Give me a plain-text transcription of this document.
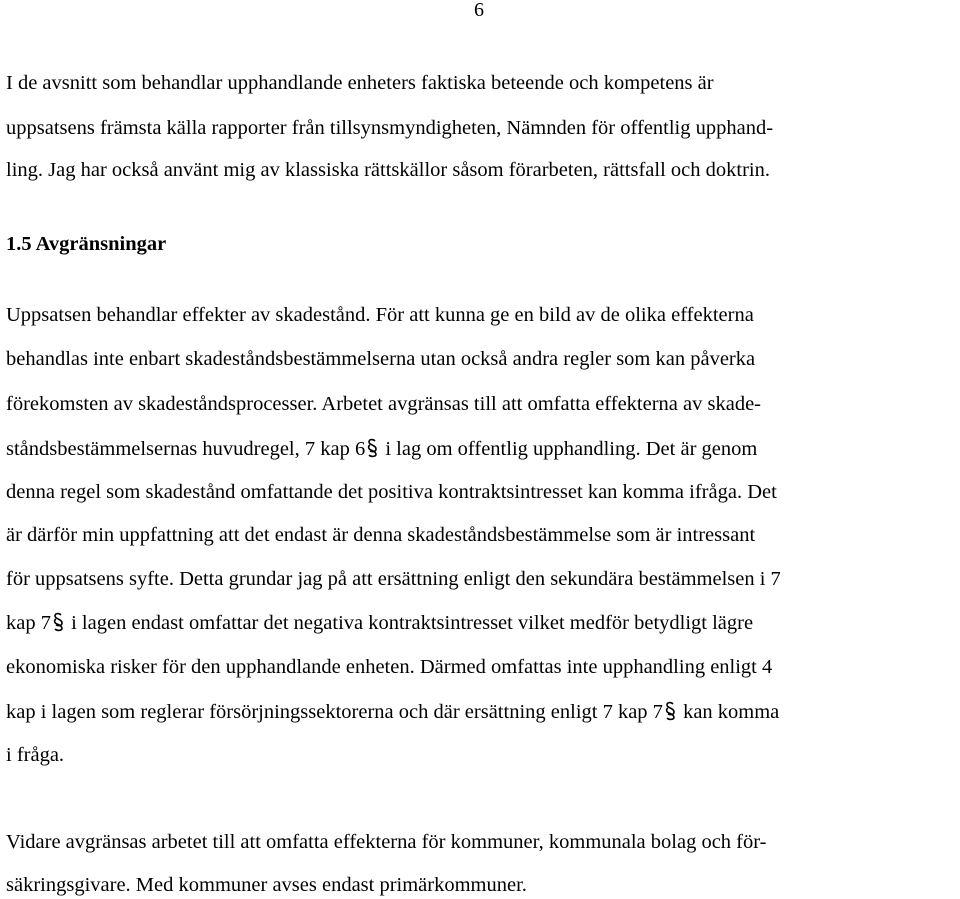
6
I de avsnitt som behandlar upphandlande enheters faktiska beteende och kompetens är
uppsatsens främsta källa rapporter från tillsynsmyndigheten, Nämnden för offentlig upphand-
ling. Jag har också använt mig av klassiska rättskällor såsom förarbeten, rättsfall och doktrin.
1.5 Avgränsningar
Uppsatsen behandlar effekter av skadestånd. För att kunna ge en bild av de olika effekterna
behandlas inte enbart skadeståndsbestämmelserna utan också andra regler som kan påverka
förekomsten av skadeståndsprocesser. Arbetet avgränsas till att omfatta effekterna av skade-
ståndsbestämmelsernas huvudregel, 7 kap 6
i lag om offentlig upphandling. Det är genom
denna regel som skadestånd omfattande det positiva kontraktsintresset kan komma ifråga. Det
är därför min uppfattning att det endast är denna skadeståndsbestämmelse som är intressant
för uppsatsens syfte. Detta grundar jag på att ersättning enligt den sekundära bestämmelsen i 7
kap 7
i lagen endast omfattar det negativa kontraktsintresset vilket medför betydligt lägre
ekonomiska risker för den upphandlande enheten. Därmed omfattas inte upphandling enligt 4
kap i lagen som reglerar försörjningssektorerna och där ersättning enligt 7 kap 7
kan komma
i fråga.
Vidare avgränsas arbetet till att omfatta effekterna för kommuner, kommunala bolag och för-
säkringsgivare. Med kommuner avses endast primärkommuner.
